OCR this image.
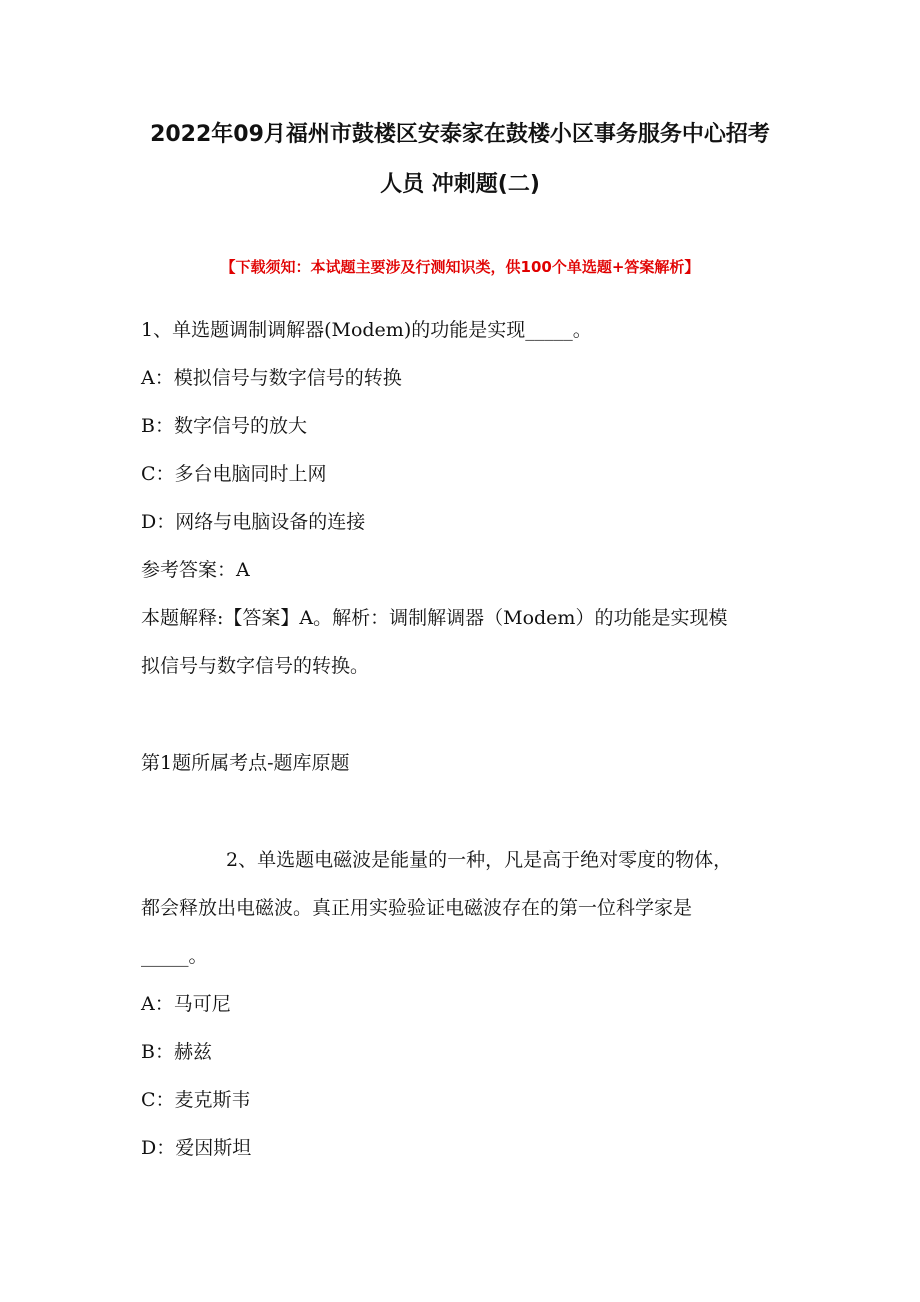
2022年09月福州市鼓楼区安泰家在鼓楼小区事务服务中心招考
人员 冲刺题(二)
【下载须知：本试题主要涉及行测知识类，供100个单选题+答案解析】
1、单选题调制调解器(Modem)的功能是实现_____。
A：模拟信号与数字信号的转换
B：数字信号的放大
C：多台电脑同时上网
D：网络与电脑设备的连接
参考答案：A
本题解释:【答案】A。解析：调制解调器（Modem）的功能是实现模
拟信号与数字信号的转换。
第1题所属考点-题库原题
2、单选题电磁波是能量的一种，凡是高于绝对零度的物体，
都会释放出电磁波。真正用实验验证电磁波存在的第一位科学家是
_____。
A：马可尼
B：赫兹
C：麦克斯韦
D：爱因斯坦
